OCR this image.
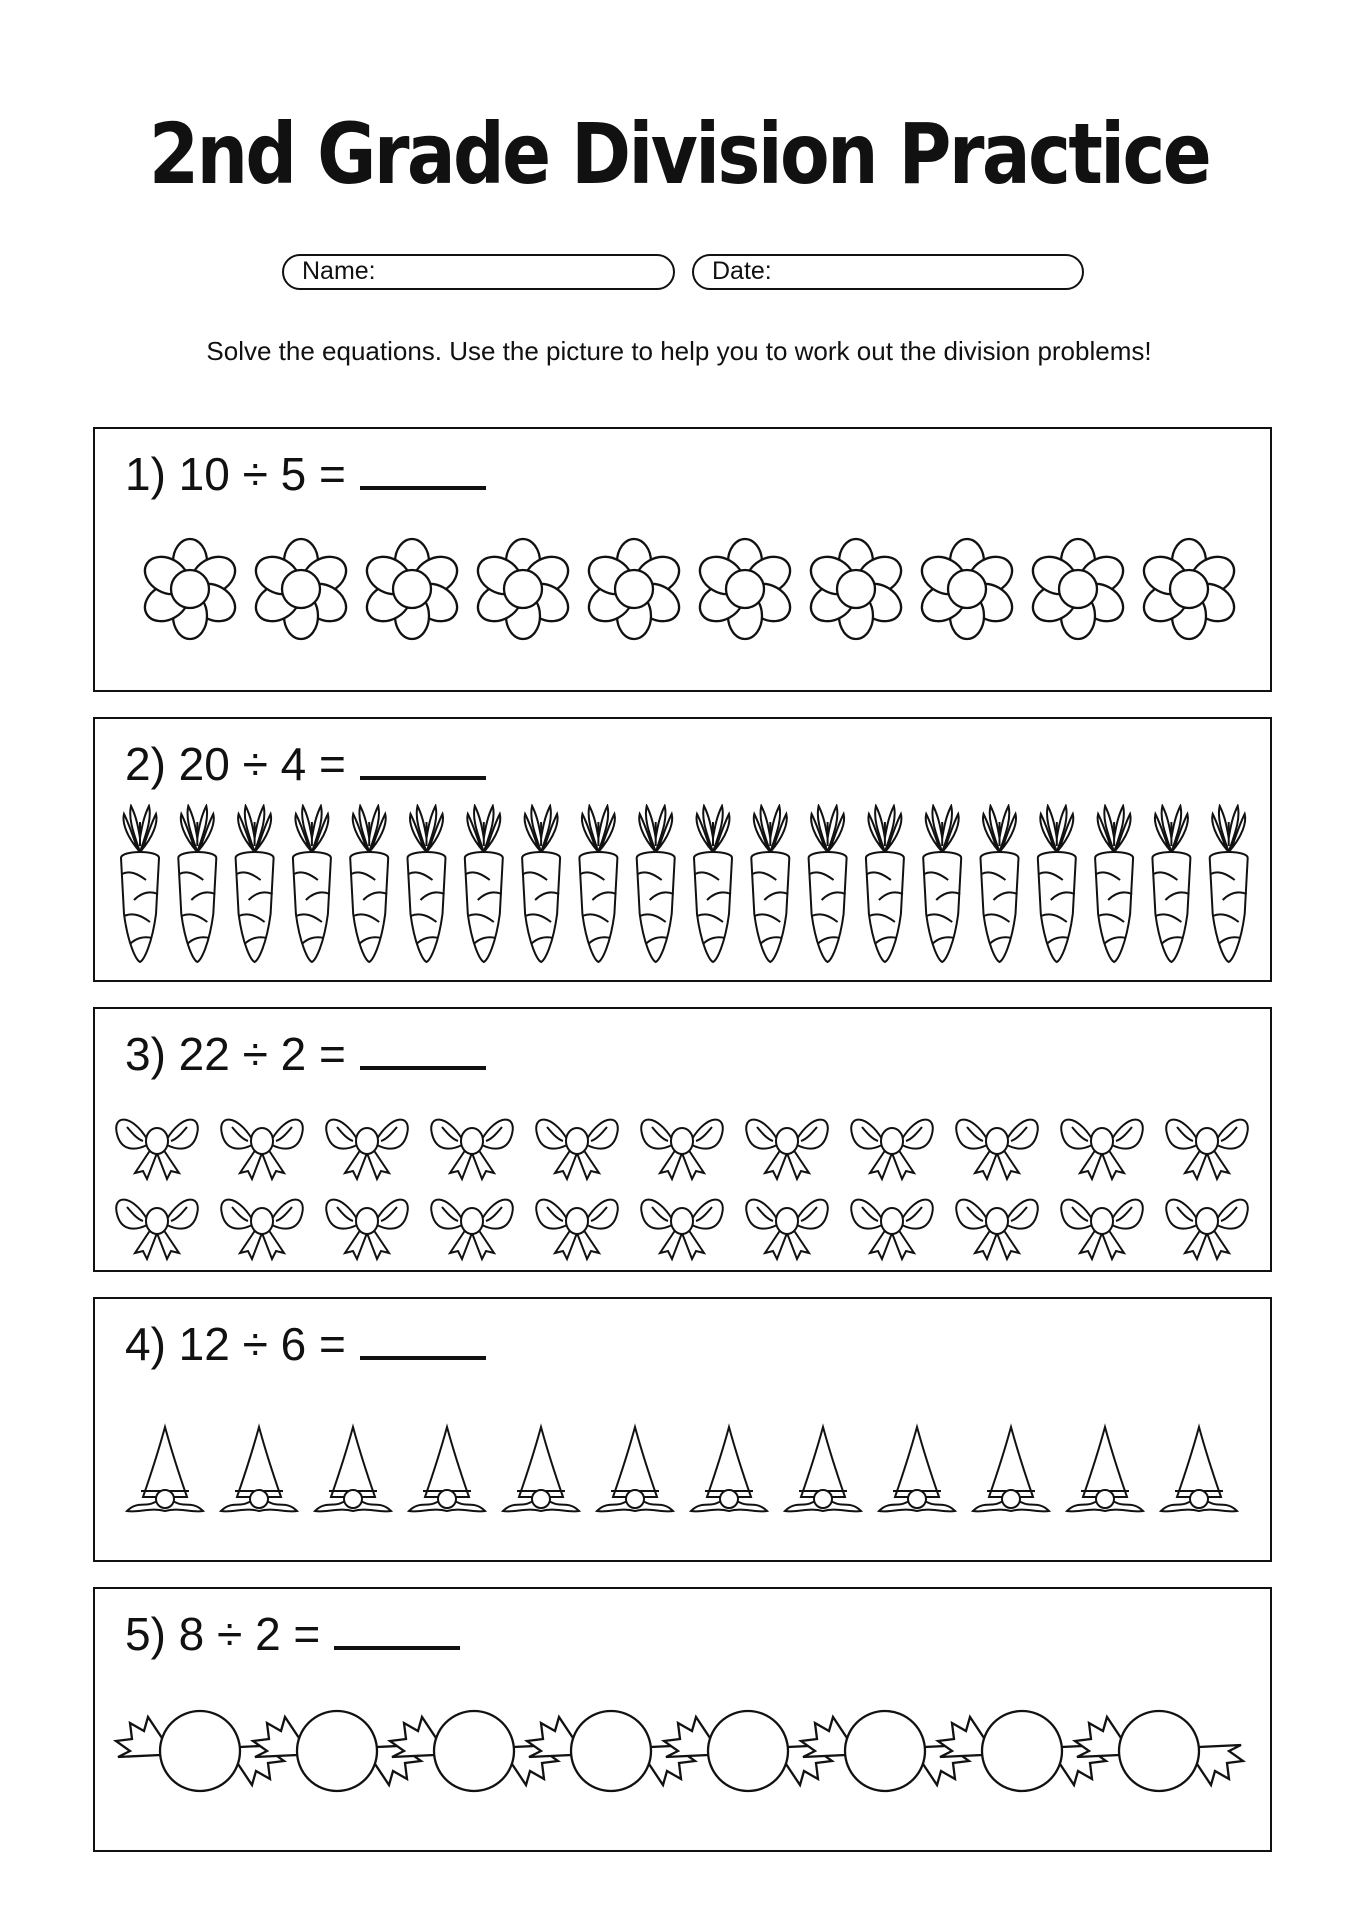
2nd Grade Division Practice
Name:	Date:
Solve the equations. Use the picture to help you to work out the division problems!
1) 10 ÷ 5 =
2) 20 ÷ 4 =
3) 22 ÷ 2 =
4) 12 ÷ 6 =
5) 8 ÷ 2 =
